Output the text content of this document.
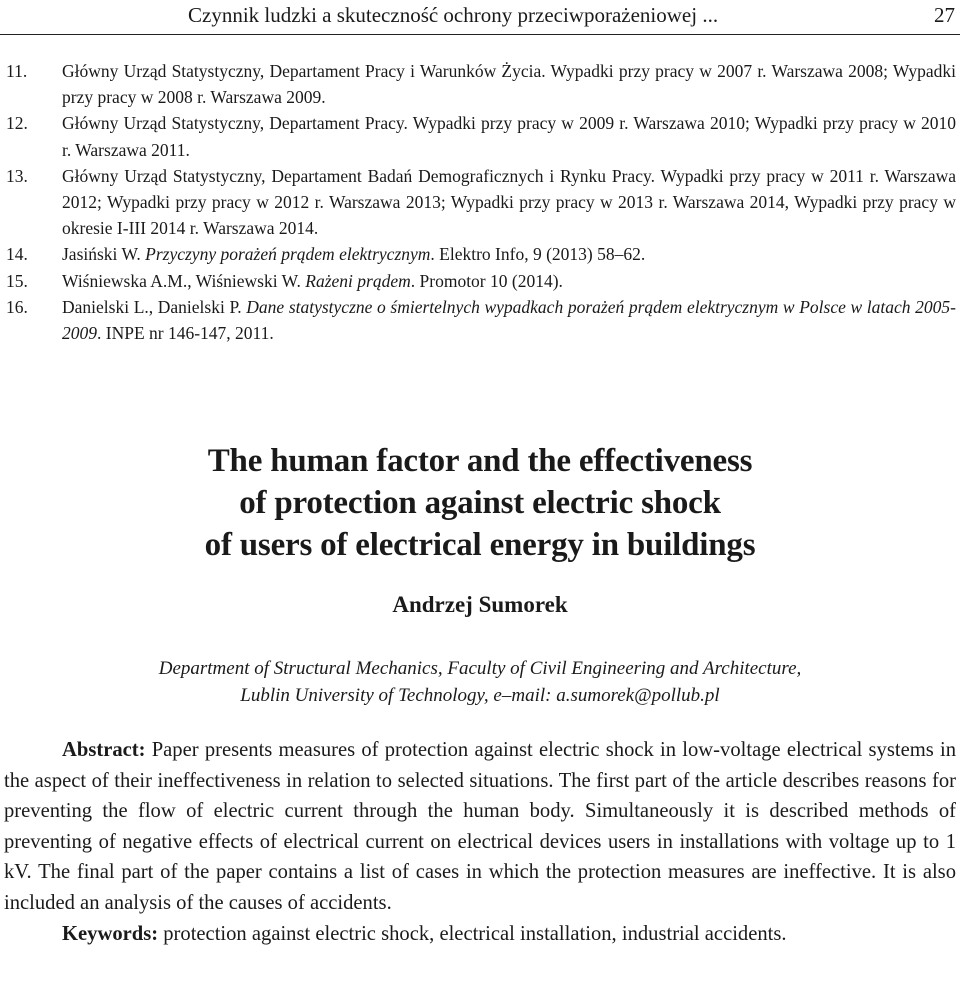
Czynnik ludzki a skuteczność ochrony przeciwporażeniowej ...	27
11.	Główny Urząd Statystyczny, Departament Pracy i Warunków Życia. Wypadki przy pracy w 2007 r. Warszawa 2008; Wypadki przy pracy w 2008 r. Warszawa 2009.
12.	Główny Urząd Statystyczny, Departament Pracy. Wypadki przy pracy w 2009 r. Warszawa 2010; Wypadki przy pracy w 2010 r. Warszawa 2011.
13.	Główny Urząd Statystyczny, Departament Badań Demograficznych i Rynku Pracy. Wypadki przy pracy w 2011 r. Warszawa 2012; Wypadki przy pracy w 2012 r. Warszawa 2013; Wypadki przy pracy w 2013 r. Warszawa 2014, Wypadki przy pracy w okresie I-III 2014 r. Warszawa 2014.
14.	Jasiński W. Przyczyny porażeń prądem elektrycznym. Elektro Info, 9 (2013) 58–62.
15.	Wiśniewska A.M., Wiśniewski W. Rażeni prądem. Promotor 10 (2014).
16.	Danielski L., Danielski P. Dane statystyczne o śmiertelnych wypadkach porażeń prądem elektrycznym w Polsce w latach 2005-2009. INPE nr 146-147, 2011.
The human factor and the effectiveness
of protection against electric shock
of users of electrical energy in buildings
Andrzej Sumorek
Department of Structural Mechanics, Faculty of Civil Engineering and Architecture,
Lublin University of Technology, e–mail: a.sumorek@pollub.pl

Abstract: Paper presents measures of protection against electric shock in low-voltage electrical systems in the aspect of their ineffectiveness in relation to selected situations. The first part of the article describes reasons for preventing the flow of electric current through the human body. Simultaneously it is described methods of preventing of negative effects of electrical current on electrical devices users in installations with voltage up to 1 kV. The final part of the paper contains a list of cases in which the protection measures are ineffective. It is also included an analysis of the causes of accidents.

Keywords: protection against electric shock, electrical installation, industrial accidents.
